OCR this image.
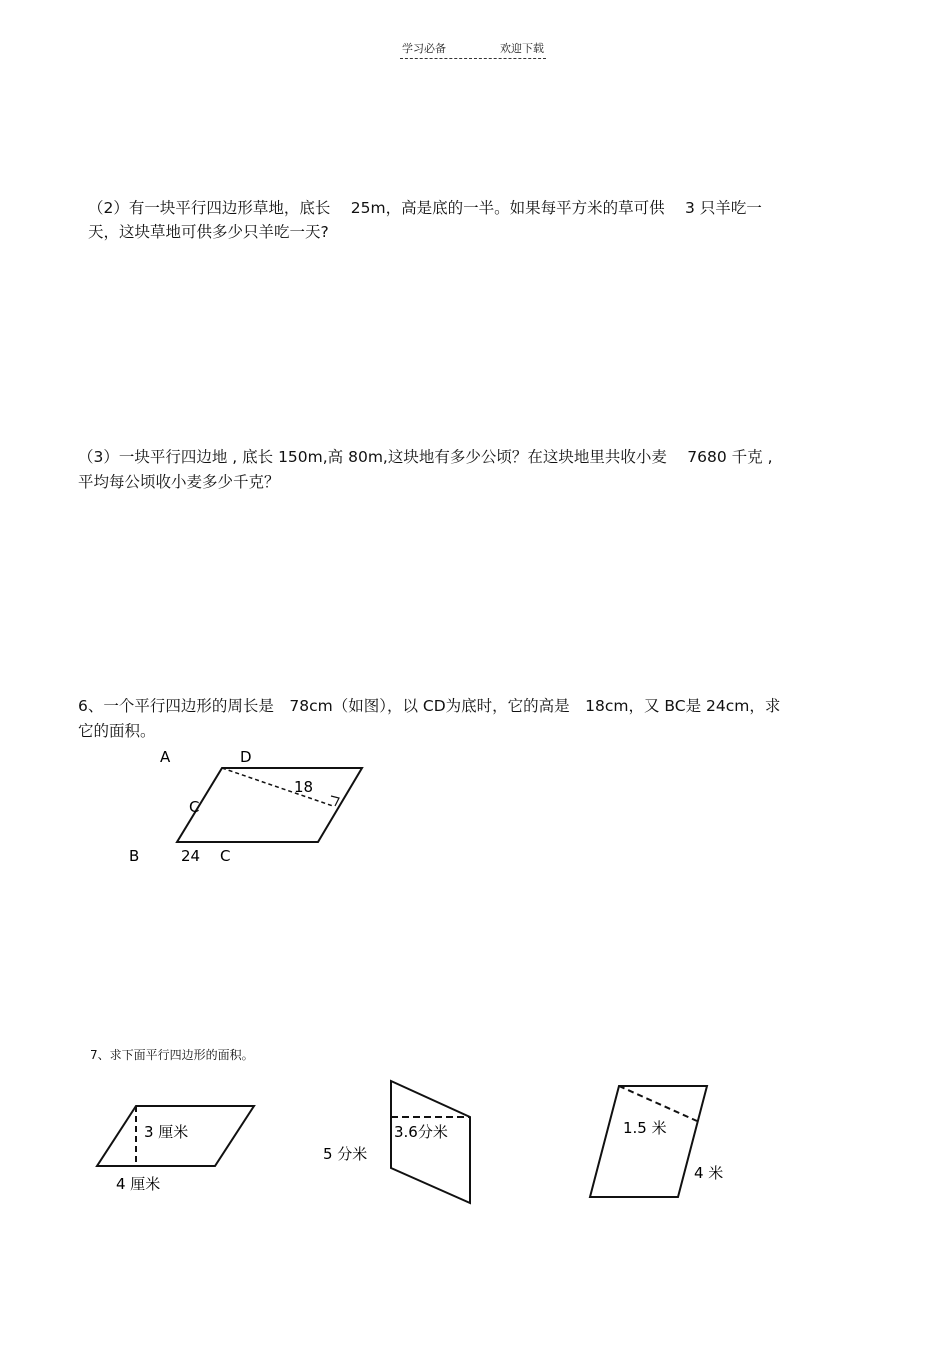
学习必备	欢迎下载
（2）有一块平行四边形草地，底长　 25m，高是底的一半。如果每平方米的草可供　 3 只羊吃一
天，这块草地可供多少只羊吃一天?
（3）一块平行四边地 , 底长 150m,高 80m,这块地有多少公顷？在这块地里共收小麦　 7680 千克 ,
平均每公顷收小麦多少千克？
6、一个平行四边形的周长是　78cm（如图），以 CD为底时，它的高是　18cm，又 BC是 24cm，求
它的面积。
A	D
18
C
B	24 C
3 厘米
4 厘米
3.6分米
5 分米
1.5 米
4 米
7、求下面平行四边形的面积。
